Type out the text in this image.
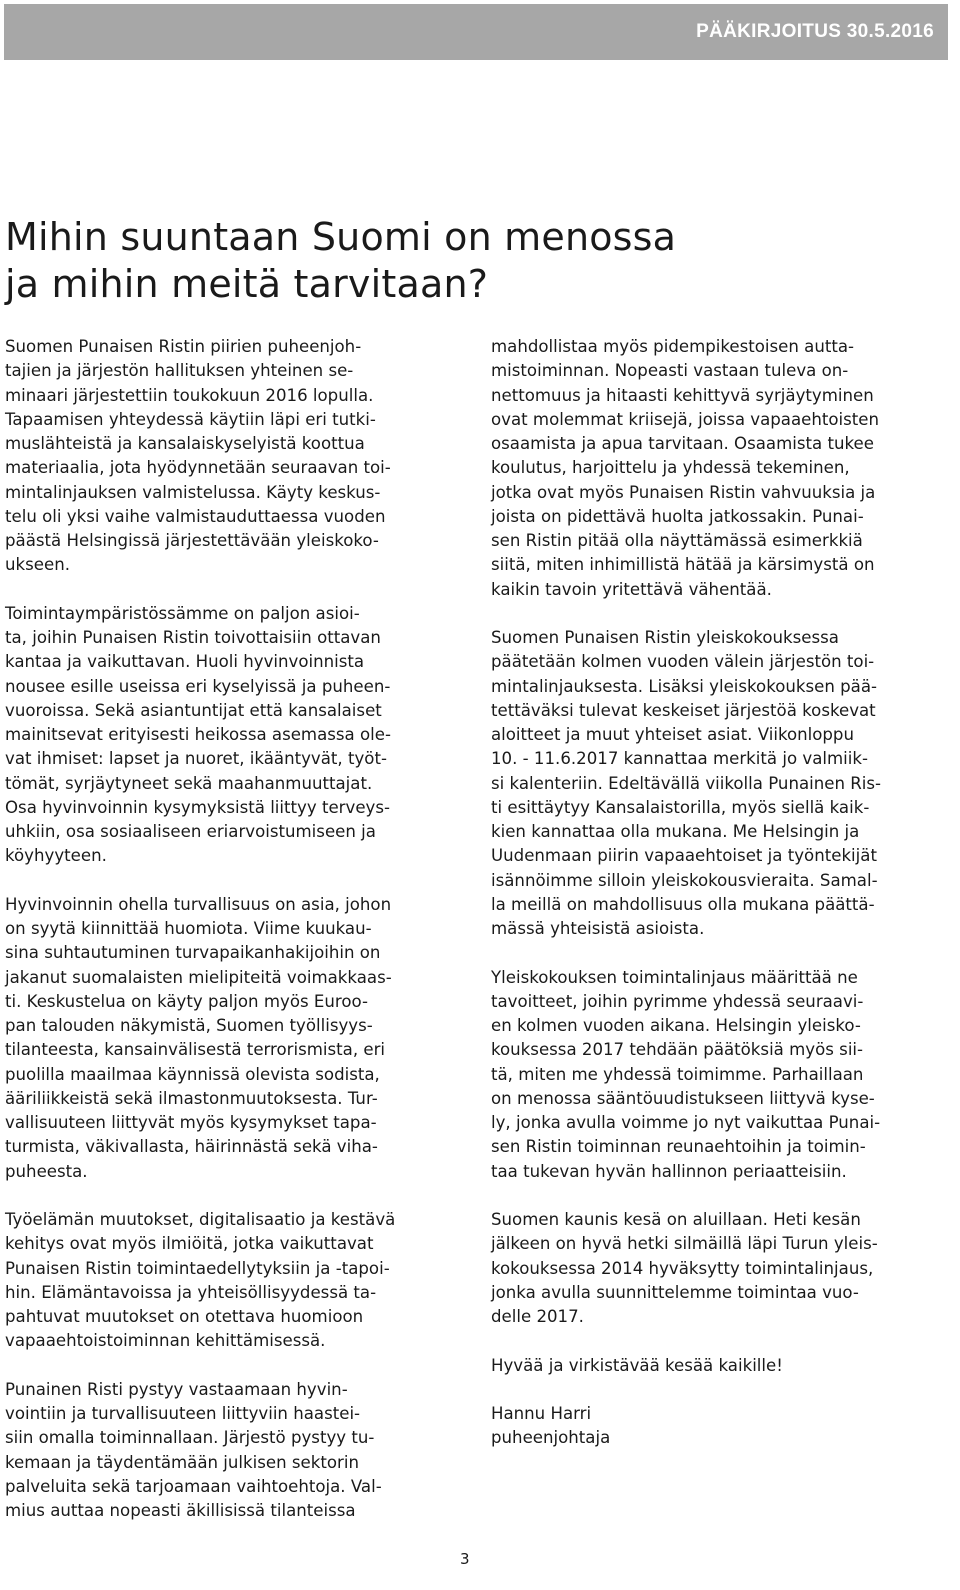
PÄÄKIRJOITUS 30.5.2016
Mihin suuntaan Suomi on menossa
ja mihin meitä tarvitaan?

Suomen Punaisen Ristin piirien puheenjoh-
tajien ja järjestön hallituksen yhteinen se-
minaari järjestettiin toukokuun 2016 lopulla.
Tapaamisen yhteydessä käytiin läpi eri tutki-
muslähteistä ja kansalaiskyselyistä koottua
materiaalia, jota hyödynnetään seuraavan toi-
mintalinjauksen valmistelussa. Käyty keskus-
telu oli yksi vaihe valmistauduttaessa vuoden
päästä Helsingissä järjestettävään yleiskoko-
ukseen.

Toimintaympäristössämme on paljon asioi-
ta, joihin Punaisen Ristin toivottaisiin ottavan
kantaa ja vaikuttavan. Huoli hyvinvoinnista
nousee esille useissa eri kyselyissä ja puheen-
vuoroissa. Sekä asiantuntijat että kansalaiset
mainitsevat erityisesti heikossa asemassa ole-
vat ihmiset: lapset ja nuoret, ikääntyvät, työt-
tömät, syrjäytyneet sekä maahanmuuttajat.
Osa hyvinvoinnin kysymyksistä liittyy terveys-
uhkiin, osa sosiaaliseen eriarvoistumiseen ja
köyhyyteen.

Hyvinvoinnin ohella turvallisuus on asia, johon
on syytä kiinnittää huomiota. Viime kuukau-
sina suhtautuminen turvapaikanhakijoihin on
jakanut suomalaisten mielipiteitä voimakkaas-
ti. Keskustelua on käyty paljon myös Euroo-
pan talouden näkymistä, Suomen työllisyys-
tilanteesta, kansainvälisestä terrorismista, eri
puolilla maailmaa käynnissä olevista sodista,
ääriliikkeistä sekä ilmastonmuutoksesta. Tur-
vallisuuteen liittyvät myös kysymykset tapa-
turmista, väkivallasta, häirinnästä sekä viha-
puheesta.

Työelämän muutokset, digitalisaatio ja kestävä
kehitys ovat myös ilmiöitä, jotka vaikuttavat
Punaisen Ristin toimintaedellytyksiin ja -tapoi-
hin. Elämäntavoissa ja yhteisöllisyydessä ta-
pahtuvat muutokset on otettava huomioon
vapaaehtoistoiminnan kehittämisessä.

Punainen Risti pystyy vastaamaan hyvin-
vointiin ja turvallisuuteen liittyviin haastei-
siin omalla toiminnallaan. Järjestö pystyy tu-
kemaan ja täydentämään julkisen sektorin
palveluita sekä tarjoamaan vaihtoehtoja. Val-
mius auttaa nopeasti äkillisissä tilanteissa

mahdollistaa myös pidempikestoisen autta-
mistoiminnan. Nopeasti vastaan tuleva on-
nettomuus ja hitaasti kehittyvä syrjäytyminen
ovat molemmat kriisejä, joissa vapaaehtoisten
osaamista ja apua tarvitaan. Osaamista tukee
koulutus, harjoittelu ja yhdessä tekeminen,
jotka ovat myös Punaisen Ristin vahvuuksia ja
joista on pidettävä huolta jatkossakin. Punai-
sen Ristin pitää olla näyttämässä esimerkkiä
siitä, miten inhimillistä hätää ja kärsimystä on
kaikin tavoin yritettävä vähentää.

Suomen Punaisen Ristin yleiskokouksessa
päätetään kolmen vuoden välein järjestön toi-
mintalinjauksesta. Lisäksi yleiskokouksen pää-
tettäväksi tulevat keskeiset järjestöä koskevat
aloitteet ja muut yhteiset asiat. Viikonloppu
10. - 11.6.2017 kannattaa merkitä jo valmiik-
si kalenteriin. Edeltävällä viikolla Punainen Ris-
ti esittäytyy Kansalaistorilla, myös siellä kaik-
kien kannattaa olla mukana. Me Helsingin ja
Uudenmaan piirin vapaaehtoiset ja työntekijät
isännöimme silloin yleiskokousvieraita. Samal-
la meillä on mahdollisuus olla mukana päättä-
mässä yhteisistä asioista.

Yleiskokouksen toimintalinjaus määrittää ne
tavoitteet, joihin pyrimme yhdessä seuraavi-
en kolmen vuoden aikana. Helsingin yleisko-
kouksessa 2017 tehdään päätöksiä myös sii-
tä, miten me yhdessä toimimme. Parhaillaan
on menossa sääntöuudistukseen liittyvä kyse-
ly, jonka avulla voimme jo nyt vaikuttaa Punai-
sen Ristin toiminnan reunaehtoihin ja toimin-
taa tukevan hyvän hallinnon periaatteisiin.

Suomen kaunis kesä on aluillaan. Heti kesän
jälkeen on hyvä hetki silmäillä läpi Turun yleis-
kokouksessa 2014 hyväksytty toimintalinjaus,
jonka avulla suunnittelemme toimintaa vuo-
delle 2017.

Hyvää ja virkistävää kesää kaikille!

Hannu Harri
puheenjohtaja

3
